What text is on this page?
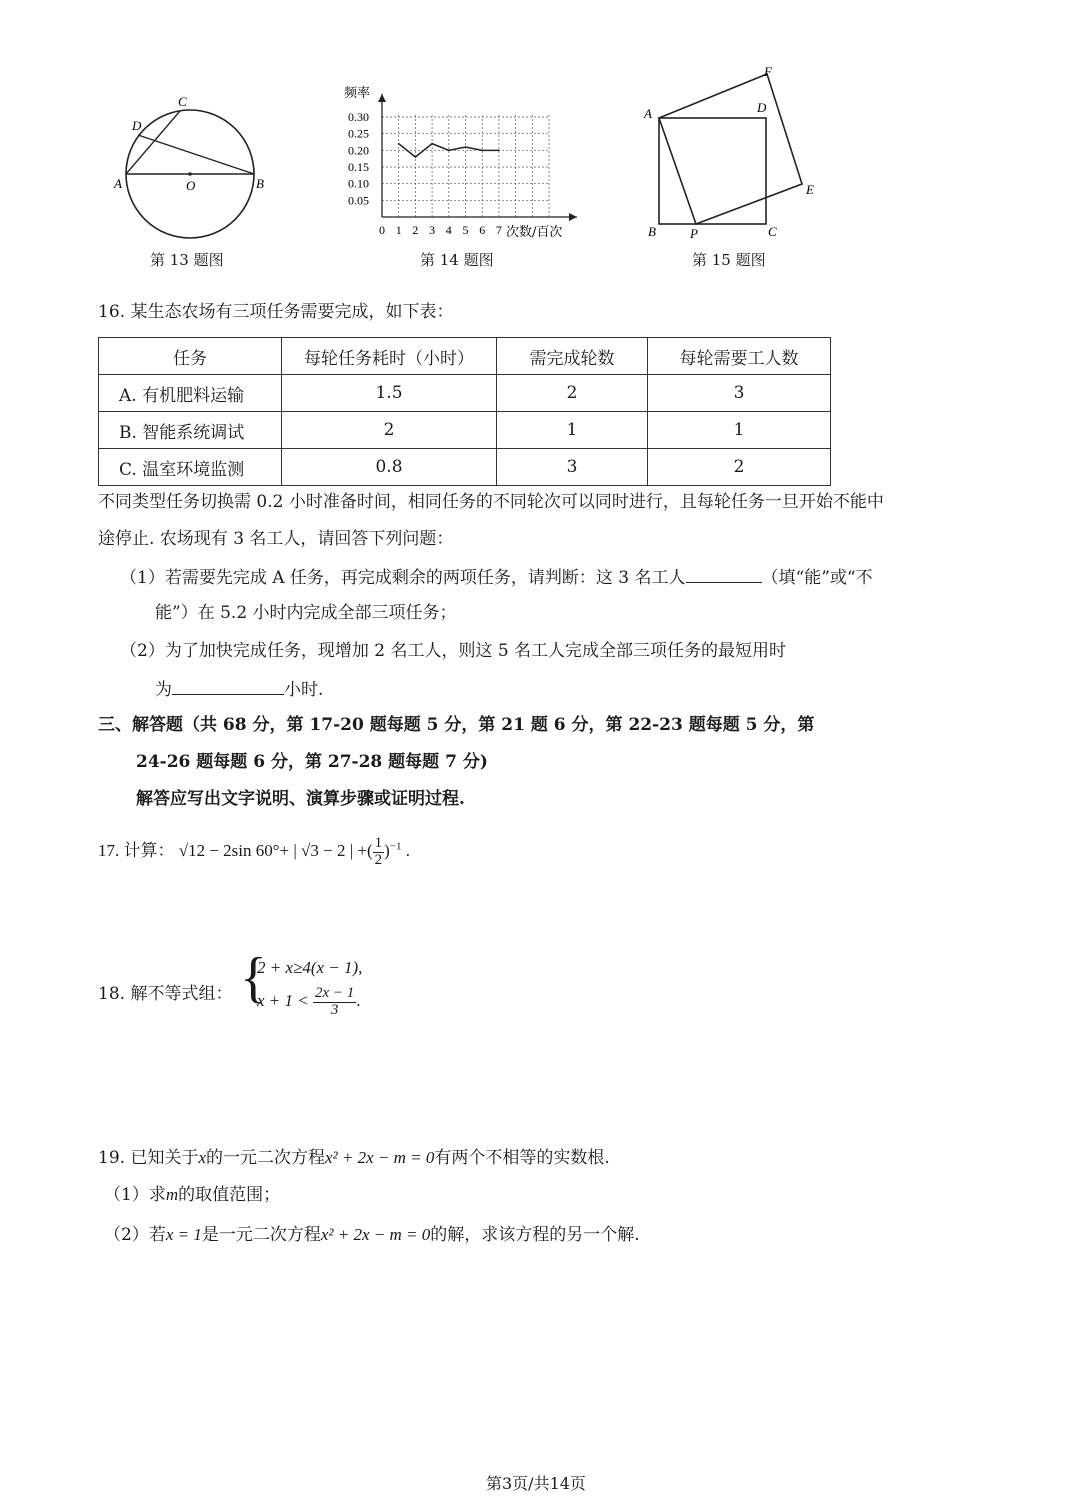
A	B
C
D
O
第 13 题图
0.30
0.25
0.20
0.15
0.10
0.05
0 1 2 3 4 5 6 7
频率
次数/百次
第 14 题图
A
B	P	C
D
E
F
第 15 题图
16. 某生态农场有三项任务需要完成，如下表：
任务	每轮任务耗时（小时）	需完成轮数	每轮需要工人数
A. 有机肥料运输	1.5	2	3
B. 智能系统调试	2	1	1
C. 温室环境监测	0.8	3	2
不同类型任务切换需 0.2 小时准备时间，相同任务的不同轮次可以同时进行，且每轮任务一旦开始不能中
途停止. 农场现有 3 名工人，请回答下列问题：
（1）若需要先完成 A 任务，再完成剩余的两项任务，请判断：这 3 名工人	（填“能”或“不
能”）在 5.2 小时内完成全部三项任务；
（2）为了加快完成任务，现增加 2 名工人，则这 5 名工人完成全部三项任务的最短用时
为	小时.
三、解答题（共 68 分，第 17-20 题每题 5 分，第 21 题 6 分，第 22-23 题每题 5 分，第
24-26 题每题 6 分，第 27-28 题每题 7 分)
解答应写出文字说明、演算步骤或证明过程.
17. 计算： √12 − 2sin 60°+ | √3 − 2 | +( $\frac{1}{2} )^{-1}$ .
18. 解不等式组： {
2 + x≥4(x − 1),
$x + 1 < \frac{2x - 1}{3}$ .
19. 已知关于x的一元二次方程x² + 2x − m = 0有两个不相等的实数根.
（1）求m的取值范围；
（2）若x = 1是一元二次方程x² + 2x − m = 0的解，求该方程的另一个解.
第3页/共14页
